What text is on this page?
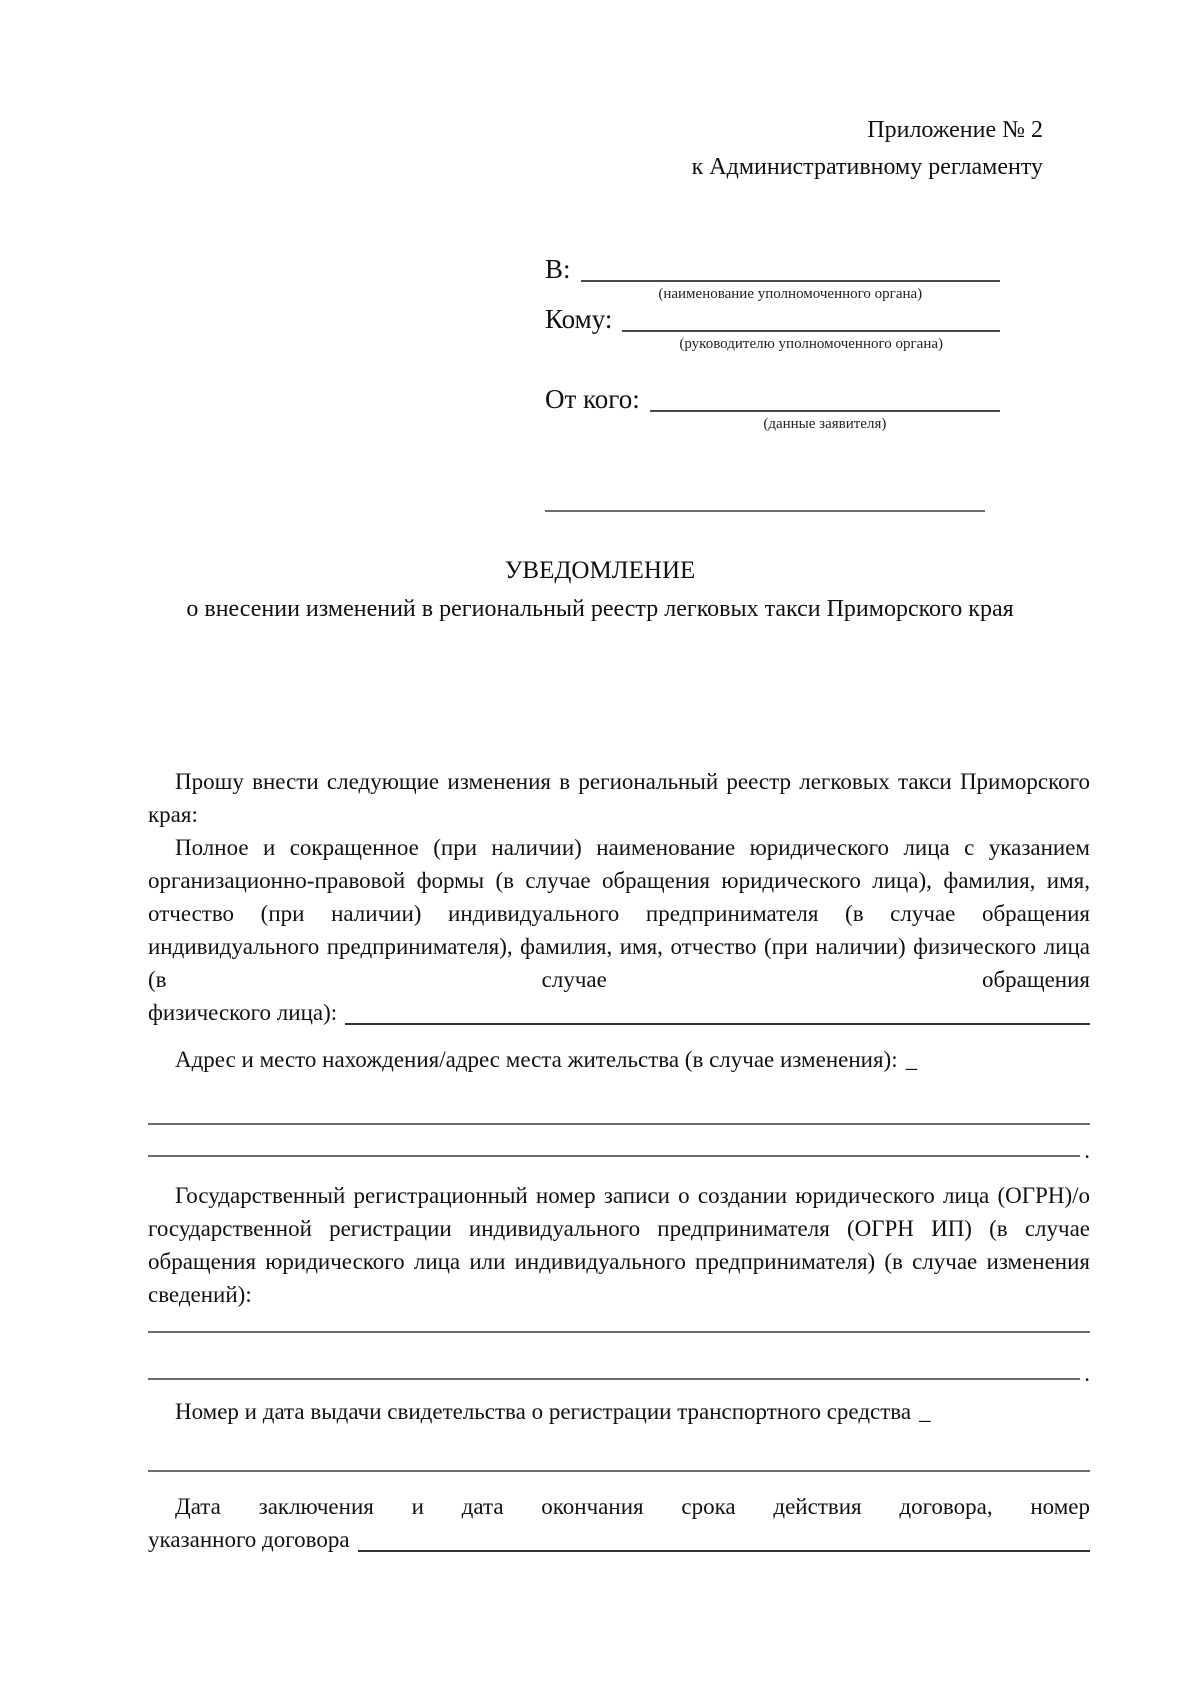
Приложение № 2
к Административному регламенту
В:
(наименование уполномоченного органа)
Кому:
(руководителю уполномоченного органа)
От кого:
(данные заявителя)
УВЕДОМЛЕНИЕ
о внесении изменений в региональный реестр легковых такси Приморского края
Прошу внести следующие изменения в региональный реестр легковых такси Приморского края:
Полное и сокращенное (при наличии) наименование юридического лица с указанием организационно-правовой формы (в случае обращения юридического лица), фамилия, имя, отчество (при наличии) индивидуального предпринимателя (в случае обращения индивидуального предпринимателя), фамилия, имя, отчество (при наличии) физического лица (в случае обращения
физического лица):
Адрес и место нахождения/адрес места жительства (в случае изменения): _
.
Государственный регистрационный номер записи о создании юридического лица (ОГРН)/о государственной регистрации индивидуального предпринимателя (ОГРН ИП) (в случае обращения юридического лица или индивидуального предпринимателя) (в случае изменения сведений):
.
Номер и дата выдачи свидетельства о регистрации транспортного средства _
Дата заключения и дата окончания срока действия договора, номер
указанного договора
